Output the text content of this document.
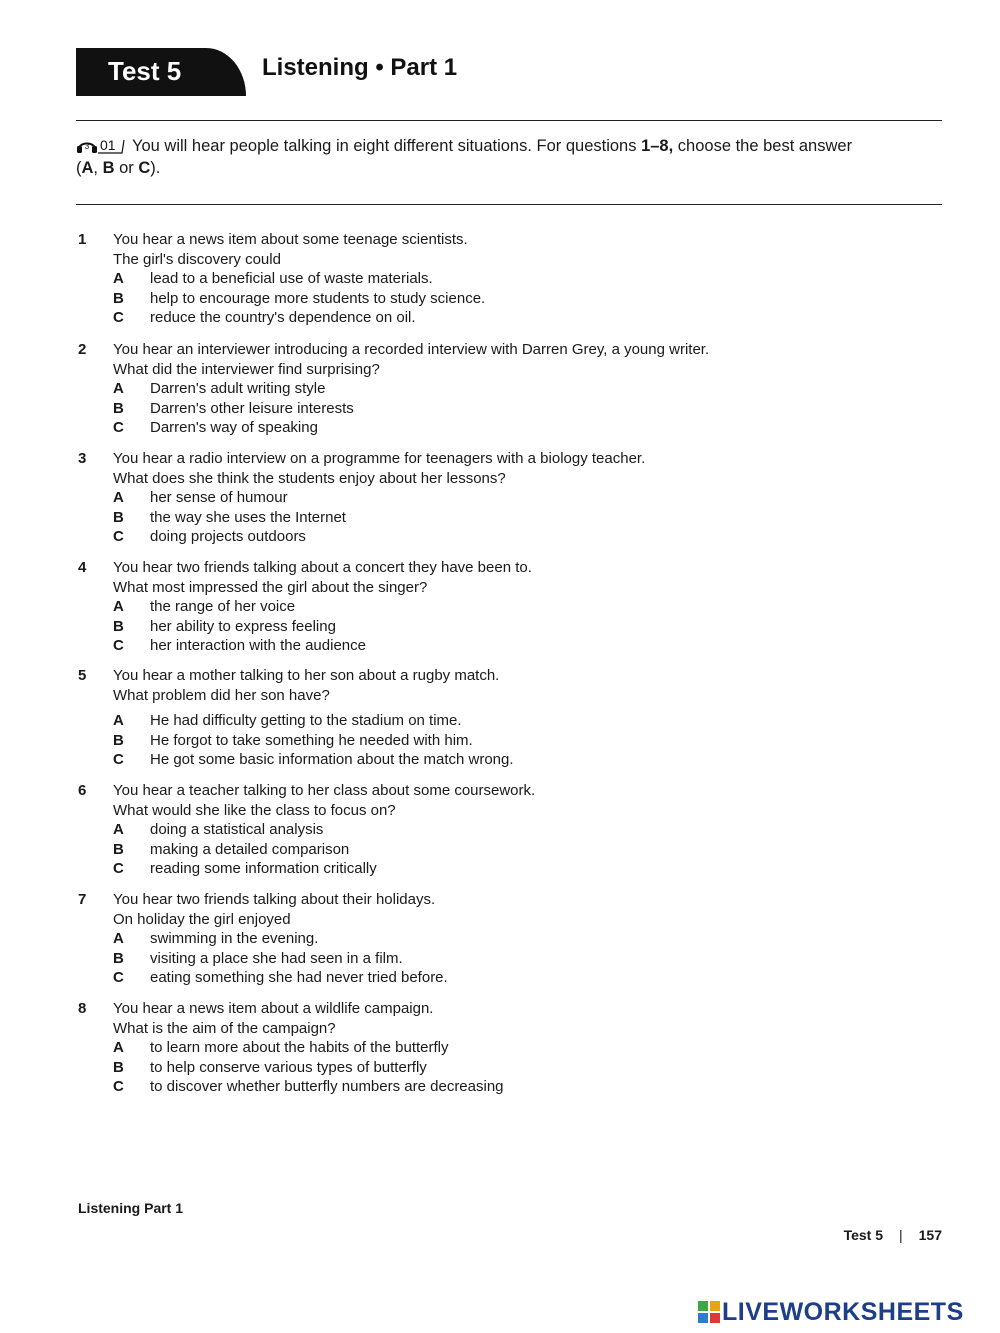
Test 5	Listening • Part 1
3 01 You will hear people talking in eight different situations. For questions 1–8, choose the best answer
(A, B or C).
1 You hear a news item about some teenage scientists.
The girl's discovery could
A lead to a beneficial use of waste materials.
B help to encourage more students to study science.
C reduce the country's dependence on oil.
2 You hear an interviewer introducing a recorded interview with Darren Grey, a young writer.
What did the interviewer find surprising?
A Darren's adult writing style
B Darren's other leisure interests
C Darren's way of speaking
3 You hear a radio interview on a programme for teenagers with a biology teacher.
What does she think the students enjoy about her lessons?
A her sense of humour
B the way she uses the Internet
C doing projects outdoors
4 You hear two friends talking about a concert they have been to.
What most impressed the girl about the singer?
A the range of her voice
B her ability to express feeling
C her interaction with the audience
5 You hear a mother talking to her son about a rugby match.
What problem did her son have?
A He had difficulty getting to the stadium on time.
B He forgot to take something he needed with him.
C He got some basic information about the match wrong.
6 You hear a teacher talking to her class about some coursework.
What would she like the class to focus on?
A doing a statistical analysis
B making a detailed comparison
C reading some information critically
7 You hear two friends talking about their holidays.
On holiday the girl enjoyed
A swimming in the evening.
B visiting a place she had seen in a film.
C eating something she had never tried before.
8 You hear a news item about a wildlife campaign.
What is the aim of the campaign?
A to learn more about the habits of the butterfly
B to help conserve various types of butterfly
C to discover whether butterfly numbers are decreasing
Listening Part 1
Test 5 | 157
LIVEWORKSHEETS
